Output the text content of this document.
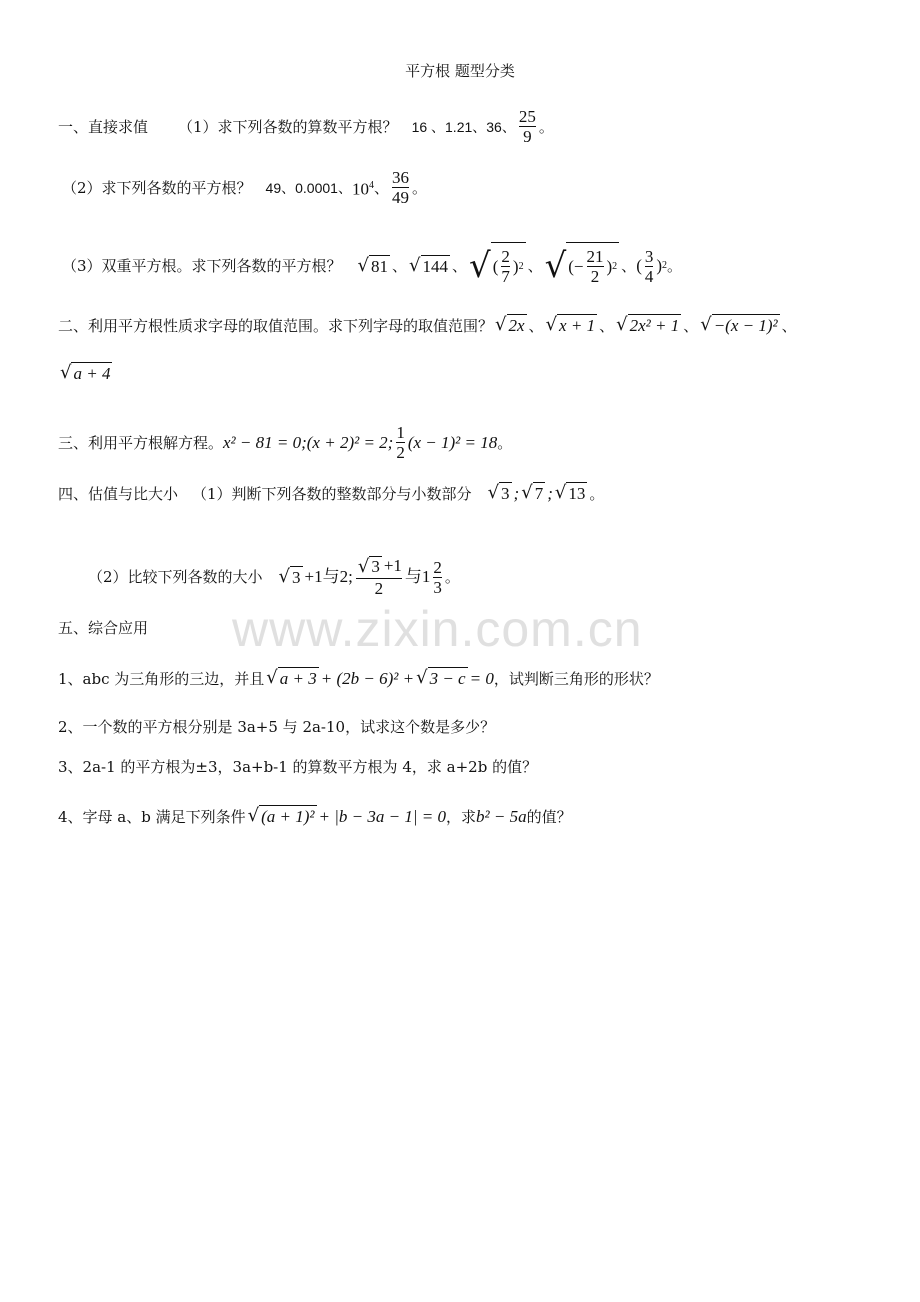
平方根 题型分类
一、直接求值 （1）求下列各数的算数平方根？ 16 、1.21、36、 $\frac{25}{9}$ 。
（2）求下列各数的平方根？ 49、0.0001、 $10^4$ 、 $\frac{36}{49}$ 。
（3）双重平方根。求下列各数的平方根？ √ 81 、 √ 144 、 √ ( $\frac{2}{7}$ ) 2 、 √ (− $\frac{21}{2}$ ) 2 、 ( $\frac{3}{4}$ ) 2 。
二、利用平方根性质求字母的取值范围。求下列字母的取值范围？ √ 2x 、 √ x + 1 、 √ 2x² + 1 、 √ −(x − 1)² 、
√ a + 4
三、利用平方根解方程。 x² − 81 = 0; (x + 2)² = 2; $\frac{1}{2} (x - 1)^2 = 18$ 。
四、估值与比大小 （1）判断下列各数的整数部分与小数部分 √ 3 ; √ 7 ; √ 13 。
（2）比较下列各数的大小 √ 3 +1与2; $\frac{√ 3 +1}{2}$ 与$1 \frac{2}{3}$ 。
五、综合应用
1、abc 为三角形的三边，并且 √ a + 3 + (2b − 6)² + √ 3 − c = 0 ，试判断三角形的形状？
2、一个数的平方根分别是 3a+5 与 2a-10，试求这个数是多少？
3、2a-1 的平方根为±3，3a+b-1 的算数平方根为 4，求 a+2b 的值？
4、字母 a、b 满足下列条件 √ (a + 1)² + |b − 3a − 1| = 0 ，求 b² − 5a 的值？
www.zixin.com.cn
